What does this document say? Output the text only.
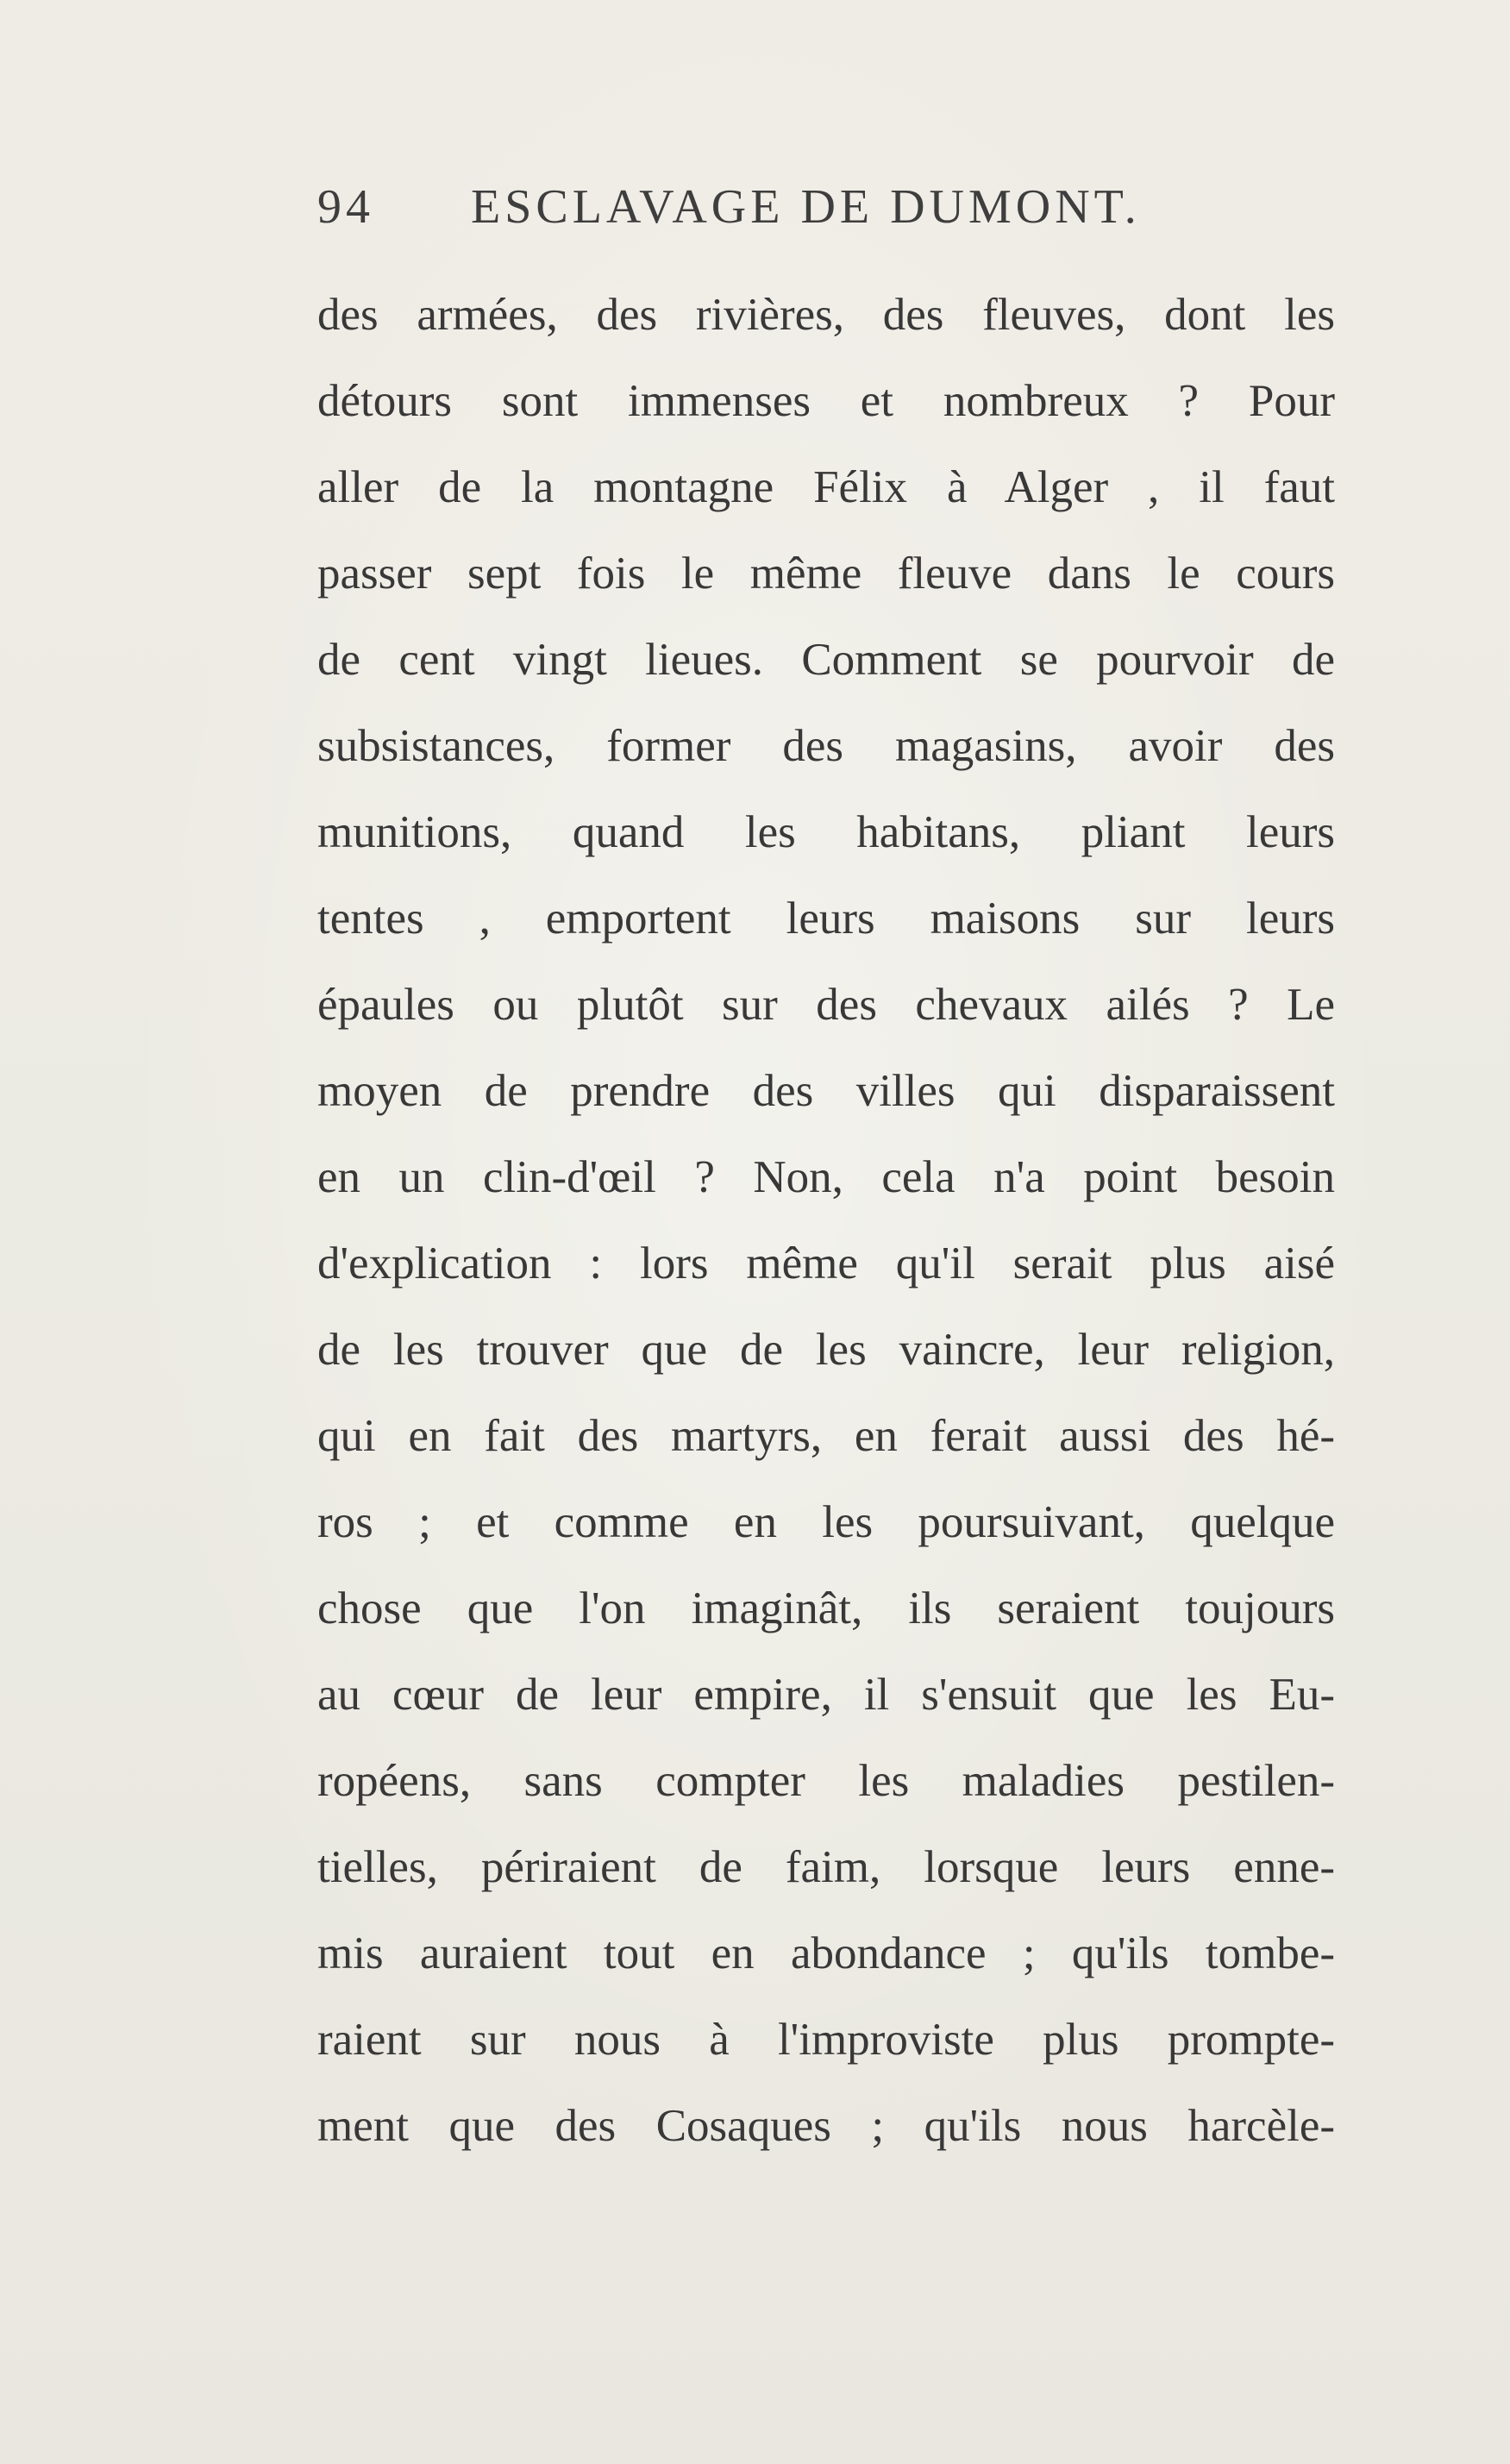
94 ESCLAVAGE DE DUMONT.
des armées, des rivières, des fleuves, dont les
détours sont immenses et nombreux ? Pour
aller de la montagne Félix à Alger , il faut
passer sept fois le même fleuve dans le cours
de cent vingt lieues. Comment se pourvoir de
subsistances, former des magasins, avoir des
munitions, quand les habitans, pliant leurs
tentes , emportent leurs maisons sur leurs
épaules ou plutôt sur des chevaux ailés ? Le
moyen de prendre des villes qui disparaissent
en un clin-d'œil ? Non, cela n'a point besoin
d'explication : lors même qu'il serait plus aisé
de les trouver que de les vaincre, leur religion,
qui en fait des martyrs, en ferait aussi des hé-
ros ; et comme en les poursuivant, quelque
chose que l'on imaginât, ils seraient toujours
au cœur de leur empire, il s'ensuit que les Eu-
ropéens, sans compter les maladies pestilen-
tielles, périraient de faim, lorsque leurs enne-
mis auraient tout en abondance ; qu'ils tombe-
raient sur nous à l'improviste plus prompte-
ment que des Cosaques ; qu'ils nous harcèle-
